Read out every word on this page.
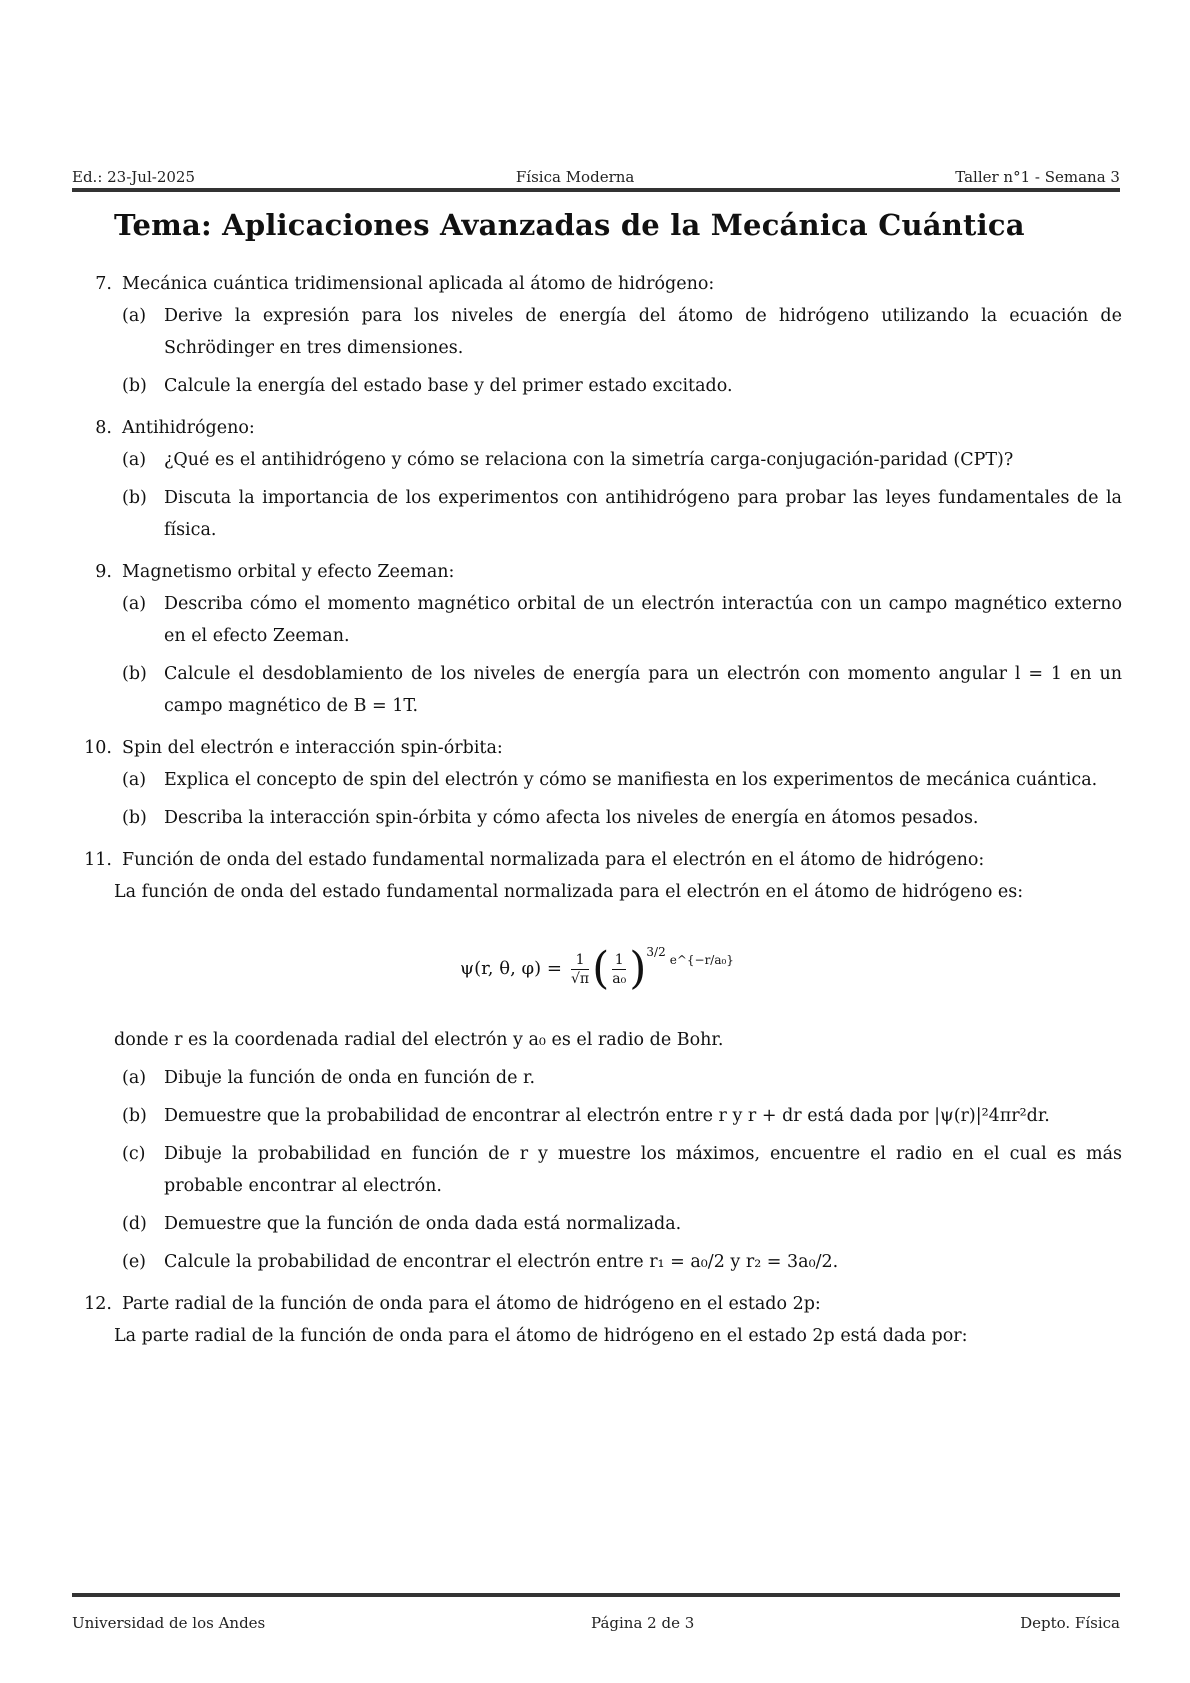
Ed.: 23-Jul-2025	Física Moderna	Taller n°1 - Semana 3
Tema: Aplicaciones Avanzadas de la Mecánica Cuántica
7. Mecánica cuántica tridimensional aplicada al átomo de hidrógeno:
(a)	Derive la expresión para los niveles de energía del átomo de hidrógeno utilizando la ecuación de Schrödinger en tres dimensiones.
(b) Calcule la energía del estado base y del primer estado excitado.
8. Antihidrógeno:
(a)	¿Qué es el antihidrógeno y cómo se relaciona con la simetría carga-conjugación-paridad (CPT)?
(b) Discuta la importancia de los experimentos con antihidrógeno para probar las leyes fundamentales de la física.
9. Magnetismo orbital y efecto Zeeman:
(a)	Describa cómo el momento magnético orbital de un electrón interactúa con un campo magnético externo en el efecto Zeeman.
(b) Calcule el desdoblamiento de los niveles de energía para un electrón con momento angular l = 1 en un campo magnético de B = 1T.
10. Spin del electrón e interacción spin-órbita:
(a)	Explica el concepto de spin del electrón y cómo se manifiesta en los experimentos de mecánica cuántica.
(b) Describa la interacción spin-órbita y cómo afecta los niveles de energía en átomos pesados.
11. Función de onda del estado fundamental normalizada para el electrón en el átomo de hidrógeno:
La función de onda del estado fundamental normalizada para el electrón en el átomo de hidrógeno es:
ψ(r, θ, $\varphi) = \frac{1}{√\pi}$ ( $\frac{1}{\text{a₀}}$ ) 3/2
e^{−r/a₀}
donde r es la coordenada radial del electrón y a₀ es el radio de Bohr.
(a)	Dibuje la función de onda en función de r.
(b) Demuestre que la probabilidad de encontrar al electrón entre r y r + dr está dada por |ψ(r)|²4πr²dr.
(c)	Dibuje la probabilidad en función de r y muestre los máximos, encuentre el radio en el cual es más probable encontrar al electrón.
(d) Demuestre que la función de onda dada está normalizada.
(e)	Calcule la probabilidad de encontrar el electrón entre r₁ = a₀/2 y r₂ = 3a₀/2.
12. Parte radial de la función de onda para el átomo de hidrógeno en el estado 2p:
La parte radial de la función de onda para el átomo de hidrógeno en el estado 2p está dada por:
Universidad de los Andes	Página 2 de 3	Depto. Física
